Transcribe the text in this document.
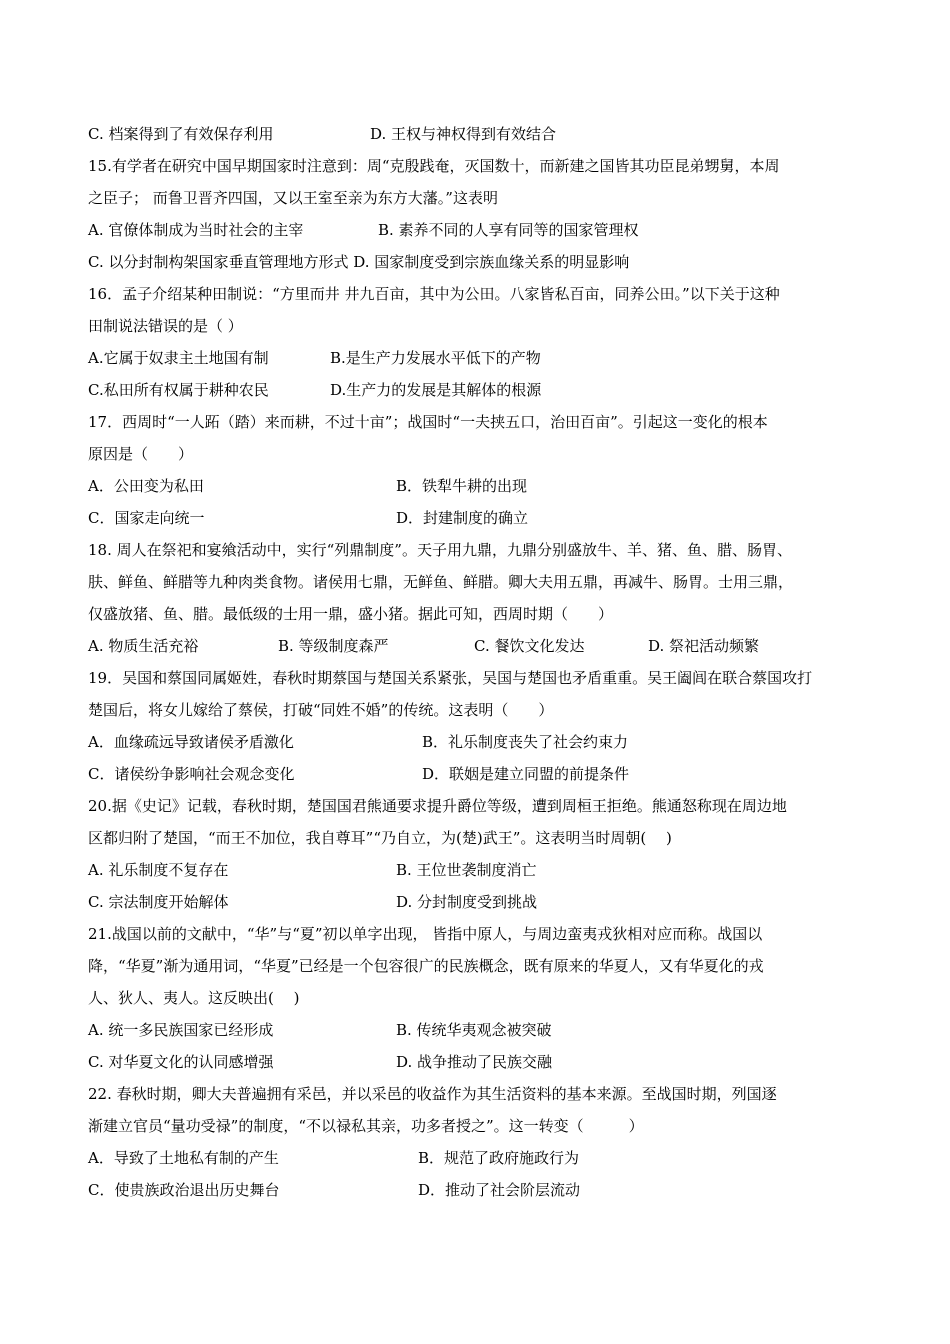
C. 档案得到了有效保存利用	D. 王权与神权得到有效结合
15.有学者在研究中国早期国家时注意到：周“克殷践奄，灭国数十，而新建之国皆其功臣昆弟甥舅，本周
之臣子； 而鲁卫晋齐四国，又以王室至亲为东方大藩。”这表明
A. 官僚体制成为当时社会的主宰	B. 素养不同的人享有同等的国家管理权
C. 以分封制构架国家垂直管理地方形式 D. 国家制度受到宗族血缘关系的明显影响
16．孟子介绍某种田制说：“方里而井 井九百亩，其中为公田。八家皆私百亩，同养公田。”以下关于这种
田制说法错误的是（ ）
A.它属于奴隶主土地国有制	B.是生产力发展水平低下的产物
C.私田所有权属于耕种农民	D.生产力的发展是其解体的根源
17．西周时“一人跖（踏）来而耕，不过十亩”；战国时“一夫挟五口，治田百亩”。引起这一变化的根本
原因是（　　）
A．公田变为私田	B．铁犁牛耕的出现
C．国家走向统一	D．封建制度的确立
18. 周人在祭祀和宴飨活动中，实行“列鼎制度”。天子用九鼎，九鼎分别盛放牛、羊、猪、鱼、腊、肠胃、
肤、鲜鱼、鲜腊等九种肉类食物。诸侯用七鼎，无鲜鱼、鲜腊。卿大夫用五鼎，再减牛、肠胃。士用三鼎，
仅盛放猪、鱼、腊。最低级的士用一鼎，盛小猪。据此可知，西周时期（　　）
A. 物质生活充裕	B. 等级制度森严	C. 餐饮文化发达	D. 祭祀活动频繁
19．吴国和蔡国同属姬姓，春秋时期蔡国与楚国关系紧张，吴国与楚国也矛盾重重。吴王阖闾在联合蔡国攻打
楚国后，将女儿嫁给了蔡侯，打破“同姓不婚”的传统。这表明（　　）
A．血缘疏远导致诸侯矛盾激化	B．礼乐制度丧失了社会约束力
C．诸侯纷争影响社会观念变化	D．联姻是建立同盟的前提条件
20.据《史记》记载，春秋时期，楚国国君熊通要求提升爵位等级，遭到周桓王拒绝。熊通怒称现在周边地
区都归附了楚国，“而王不加位，我自尊耳”“乃自立，为(楚)武王”。这表明当时周朝(　 )
A. 礼乐制度不复存在	B. 王位世袭制度消亡
C. 宗法制度开始解体	D. 分封制度受到挑战
21.战国以前的文献中，“华”与“夏”初以单字出现， 皆指中原人，与周边蛮夷戎狄相对应而称。战国以
降，“华夏”渐为通用词，“华夏”已经是一个包容很广的民族概念，既有原来的华夏人，又有华夏化的戎
人、狄人、夷人。这反映出(　 )
A. 统一多民族国家已经形成	B. 传统华夷观念被突破
C. 对华夏文化的认同感增强	D. 战争推动了民族交融
22. 春秋时期，卿大夫普遍拥有采邑，并以采邑的收益作为其生活资料的基本来源。至战国时期，列国逐
渐建立官员“量功受禄”的制度，“不以禄私其亲，功多者授之”。这一转变（　　　）
A．导致了土地私有制的产生	B．规范了政府施政行为
C．使贵族政治退出历史舞台	D．推动了社会阶层流动
